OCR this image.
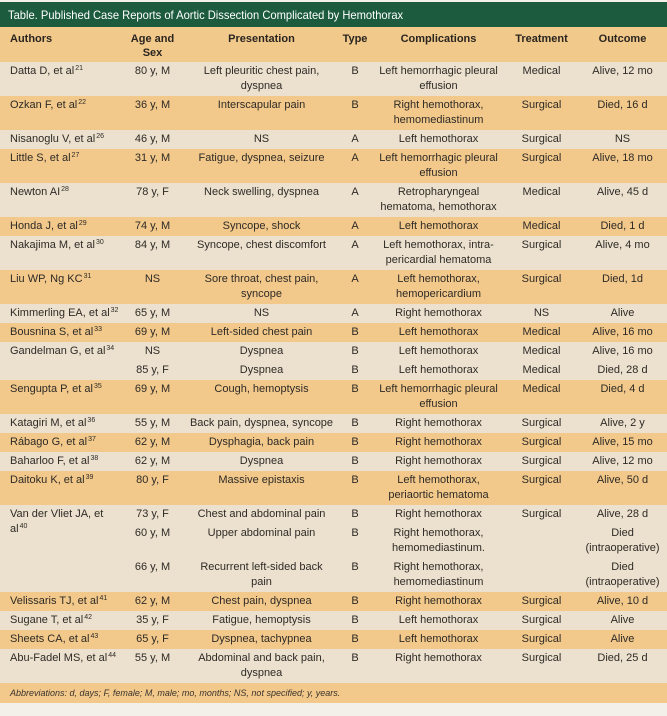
Table. Published Case Reports of Aortic Dissection Complicated by Hemothorax
Authors	Age and Sex	Presentation	Type	Complications	Treatment	Outcome
Datta D, et $al^{21}$	80 y, M	Left pleuritic chest pain, dyspnea	B	Left hemorrhagic pleural effusion	Medical	Alive, 12 mo
Ozkan F, et $al^{22}$	36 y, M	Interscapular pain	B	Right hemothorax, hemomediastinum	Surgical	Died, 16 d
Nisanoglu V, et $al^{26}$	46 y, M	NS	A	Left hemothorax	Surgical	NS
Little S, et $al^{27}$	31 y, M	Fatigue, dyspnea, seizure	A	Left hemorrhagic pleural effusion	Surgical	Alive, 18 mo
Newton AI$^{28}$	78 y, F	Neck swelling, dyspnea	A	Retropharyngeal hematoma, hemothorax	Medical	Alive, 45 d
Honda J, et $al^{29}$	74 y, M	Syncope, shock	A	Left hemothorax	Medical	Died, 1 d
Nakajima M, et $al^{30}$	84 y, M	Syncope, chest discomfort	A	Left hemothorax, intra-pericardial hematoma	Surgical	Alive, 4 mo
Liu WP, Ng KC$^{31}$	NS	Sore throat, chest pain, syncope	A	Left hemothorax, hemopericardium	Surgical	Died, 1d
Kimmerling EA, et $al^{32}$	65 y, M	NS	A	Right hemothorax	NS	Alive
Bousnina S, et $al^{33}$	69 y, M	Left-sided chest pain	B	Left hemothorax	Medical	Alive, 16 mo
Gandelman G, et $al^{34}$	NS	Dyspnea	B	Left hemothorax	Medical	Alive, 16 mo
	85 y, F	Dyspnea	B	Left hemothorax	Medical	Died, 28 d
Sengupta P, et $al^{35}$	69 y, M	Cough, hemoptysis	B	Left hemorrhagic pleural effusion	Medical	Died, 4 d
Katagiri M, et $al^{36}$	55 y, M	Back pain, dyspnea, syncope	B	Right hemothorax	Surgical	Alive, 2 y
Rábago G, et $al^{37}$	62 y, M	Dysphagia, back pain	B	Right hemothorax	Surgical	Alive, 15 mo
Baharloo F, et $al^{38}$	62 y, M	Dyspnea	B	Right hemothorax	Surgical	Alive, 12 mo
Daitoku K, et $al^{39}$	80 y, F	Massive epistaxis	B	Left hemothorax, periaortic hematoma	Surgical	Alive, 50 d
Van der Vliet JA, et $al^{40}$	73 y, F	Chest and abdominal pain	B	Right hemothorax	Surgical	Alive, 28 d
	60 y, M	Upper abdominal pain	B	Right hemothorax, hemomediastinum.		Died (intraoperative)
	66 y, M	Recurrent left-sided back pain	B	Right hemothorax, hemomediastinum		Died (intraoperative)
Velissaris TJ, et $al^{41}$	62 y, M	Chest pain, dyspnea	B	Right hemothorax	Surgical	Alive, 10 d
Sugane T, et $al^{42}$	35 y, F	Fatigue, hemoptysis	B	Left hemothorax	Surgical	Alive
Sheets CA, et $al^{43}$	65 y, F	Dyspnea, tachypnea	B	Left hemothorax	Surgical	Alive
Abu-Fadel MS, et $al^{44}$	55 y, M	Abdominal and back pain, dyspnea	B	Right hemothorax	Surgical	Died, 25 d
Abbreviations: d, days; F, female; M, male; mo, months; NS, not specified; y, years.						
